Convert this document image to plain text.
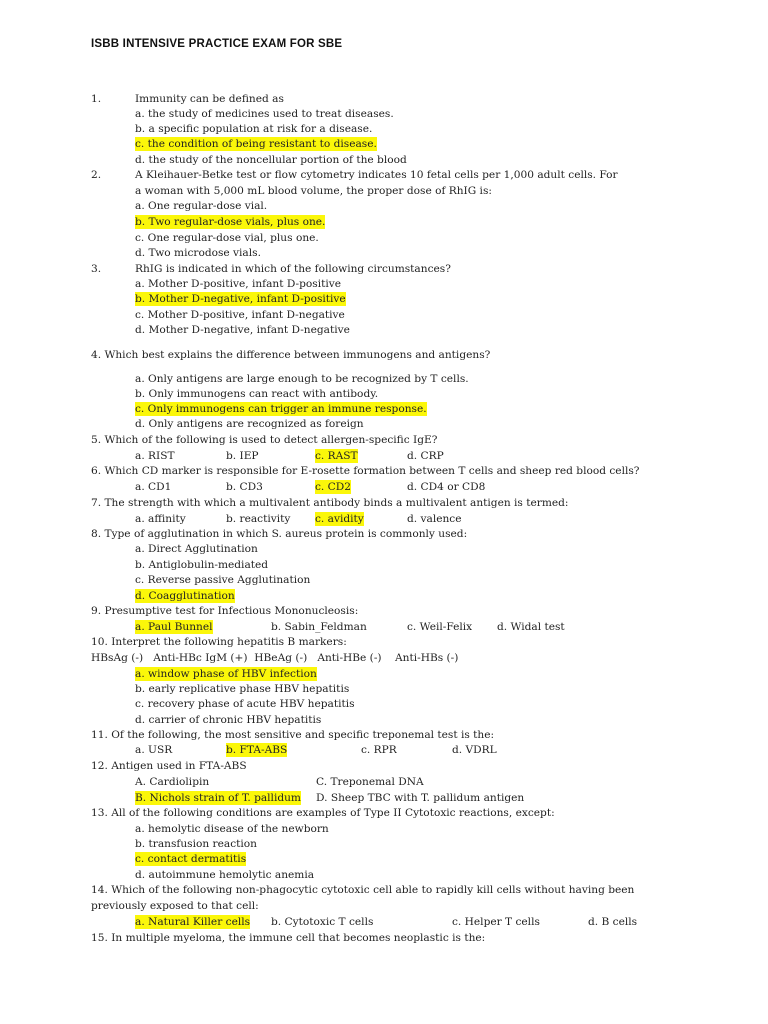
ISBB INTENSIVE PRACTICE EXAM FOR SBE
1.	Immunity can be defined as
a. the study of medicines used to treat diseases.
b. a specific population at risk for a disease.
c. the condition of being resistant to disease.
d. the study of the noncellular portion of the blood
2.	A Kleihauer-Betke test or flow cytometry indicates 10 fetal cells per 1,000 adult cells. For
a woman with 5,000 mL blood volume, the proper dose of RhIG is:
a. One regular-dose vial.
b. Two regular-dose vials, plus one.
c. One regular-dose vial, plus one.
d. Two microdose vials.
3.	RhIG is indicated in which of the following circumstances?
a. Mother D-positive, infant D-positive
b. Mother D-negative, infant D-positive
c. Mother D-positive, infant D-negative
d. Mother D-negative, infant D-negative
4. Which best explains the difference between immunogens and antigens?
a. Only antigens are large enough to be recognized by T cells.
b. Only immunogens can react with antibody.
c. Only immunogens can trigger an immune response.
d. Only antigens are recognized as foreign
5. Which of the following is used to detect allergen-specific IgE?
a. RIST	b. IEP	c. RAST	d. CRP
6. Which CD marker is responsible for E-rosette formation between T cells and sheep red blood cells?
a. CD1	b. CD3	c. CD2	d. CD4 or CD8
7. The strength with which a multivalent antibody binds a multivalent antigen is termed:
a. affinity	b. reactivity c. avidity	d. valence
8. Type of agglutination in which S. aureus protein is commonly used:
a. Direct Agglutination
b. Antiglobulin-mediated
c. Reverse passive Agglutination
d. Coagglutination
9. Presumptive test for Infectious Mononucleosis:
a. Paul Bunnel	b. Sabin_Feldman	c. Weil-Felix d. Widal test
10. Interpret the following hepatitis B markers:
HBsAg (-)   Anti-HBc IgM (+)  HBeAg (-)   Anti-HBe (-)    Anti-HBs (-)
a. window phase of HBV infection
b. early replicative phase HBV hepatitis
c. recovery phase of acute HBV hepatitis
d. carrier of chronic HBV hepatitis
11. Of the following, the most sensitive and specific treponemal test is the:
a. USR	b. FTA-ABS	c. RPR	d. VDRL
12. Antigen used in FTA-ABS
A. Cardiolipin	C. Treponemal DNA
B. Nichols strain of T. pallidum D. Sheep TBC with T. pallidum antigen
13. All of the following conditions are examples of Type II Cytotoxic reactions, except:
a. hemolytic disease of the newborn
b. transfusion reaction
c. contact dermatitis
d. autoimmune hemolytic anemia
14. Which of the following non-phagocytic cytotoxic cell able to rapidly kill cells without having been
previously exposed to that cell:
a. Natural Killer cells b. Cytotoxic T cells	c. Helper T cells	d. B cells
15. In multiple myeloma, the immune cell that becomes neoplastic is the:
